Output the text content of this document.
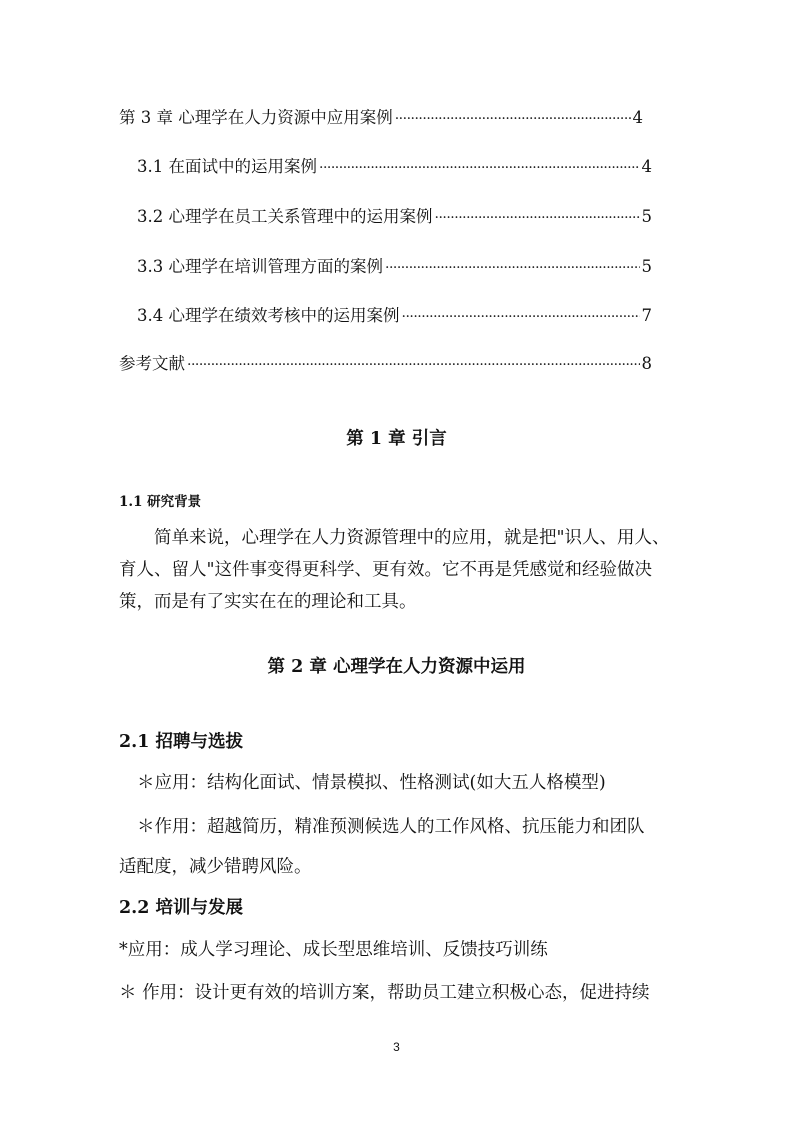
第 3 章 心理学在人力资源中应用案例 ·····	4
3.1 在面试中的运用案例 ·····	4
3.2 心理学在员工关系管理中的运用案例 ·····	5
3.3 心理学在培训管理方面的案例 ·····	5
3.4 心理学在绩效考核中的运用案例 ·····	7
参考文献 ·····	8
第 1 章 引言
1.1 研究背景

简单来说，心理学在人力资源管理中的应用，就是把"识人、用人、育人、留人"这件事变得更科学、更有效。它不再是凭感觉和经验做决策，而是有了实实在在的理论和工具。

第 2 章 心理学在人力资源中运用
2.1 招聘与选拔
＊应用：结构化面试、情景模拟、性格测试(如大五人格模型)
＊作用：超越简历，精准预测候选人的工作风格、抗压能力和团队
适配度，减少错聘风险。
2.2 培训与发展
*应用：成人学习理论、成长型思维培训、反馈技巧训练
＊ 作用：设计更有效的培训方案，帮助员工建立积极心态，促进持续
3
